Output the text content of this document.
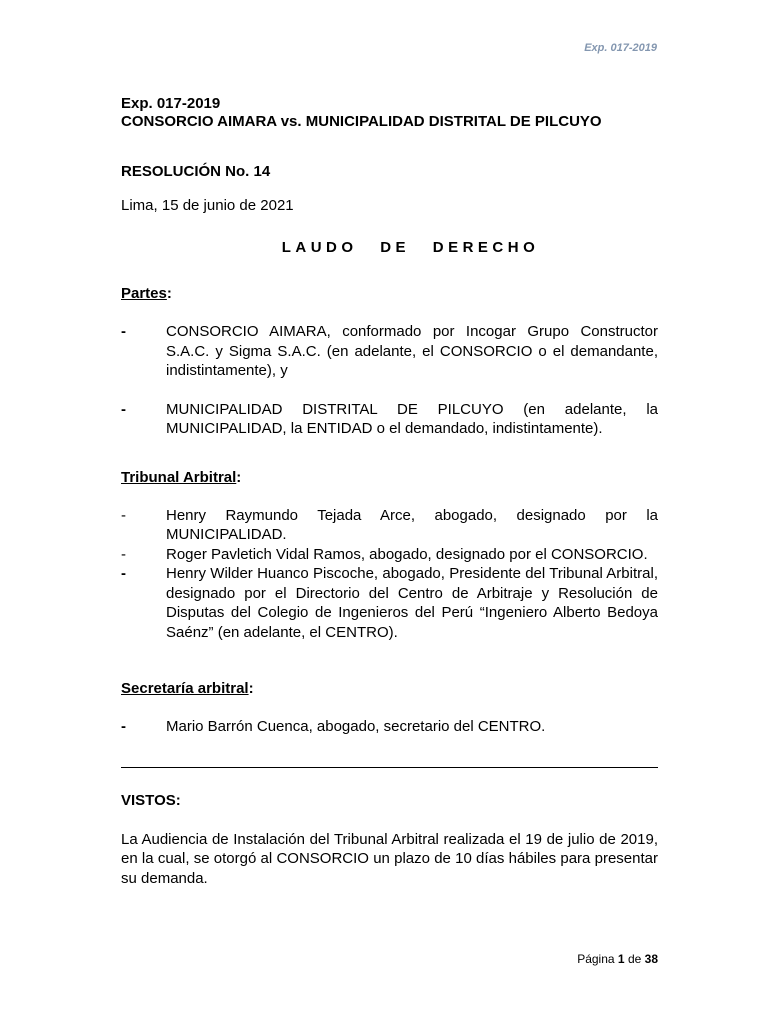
Exp. 017-2019

Exp. 017-2019

CONSORCIO AIMARA vs. MUNICIPALIDAD DISTRITAL DE PILCUYO

RESOLUCIÓN No. 14

Lima, 15 de junio de 2021

LAUDO DE DERECHO

Partes:

-	CONSORCIO AIMARA, conformado por Incogar Grupo Constructor S.A.C. y Sigma S.A.C. (en adelante, el CONSORCIO o el demandante, indistintamente), y
-	MUNICIPALIDAD DISTRITAL DE PILCUYO (en adelante, la MUNICIPALIDAD, la ENTIDAD o el demandado, indistintamente).

Tribunal Arbitral:

-	Henry Raymundo Tejada Arce, abogado, designado por la MUNICIPALIDAD.
-	Roger Pavletich Vidal Ramos, abogado, designado por el CONSORCIO.
-	Henry Wilder Huanco Piscoche, abogado, Presidente del Tribunal Arbitral, designado por el Directorio del Centro de Arbitraje y Resolución de Disputas del Colegio de Ingenieros del Perú “Ingeniero Alberto Bedoya Saénz” (en adelante, el CENTRO).

Secretaría arbitral:

-	Mario Barrón Cuenca, abogado, secretario del CENTRO.

VISTOS:

La Audiencia de Instalación del Tribunal Arbitral realizada el 19 de julio de 2019, en la cual, se otorgó al CONSORCIO un plazo de 10 días hábiles para presentar su demanda.

Página 1 de 38
